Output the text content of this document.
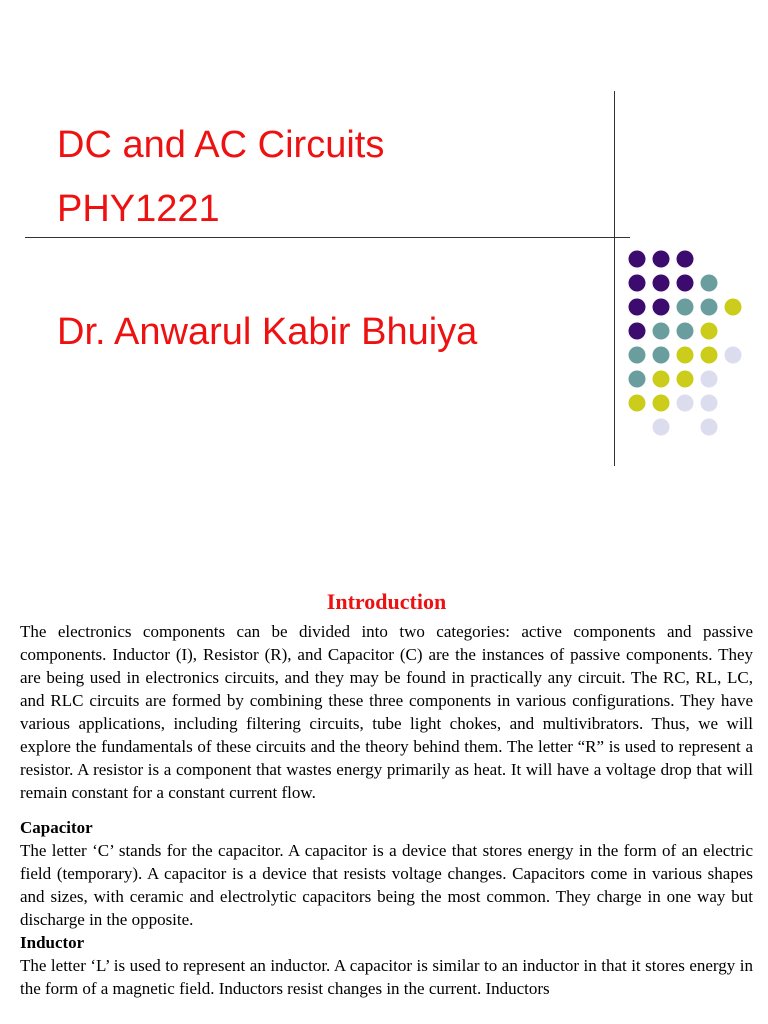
DC and AC Circuits
PHY1221
Dr. Anwarul Kabir Bhuiya
Introduction

The electronics components can be divided into two categories: active components and passive components. Inductor (I), Resistor (R), and Capacitor (C) are the instances of passive components. They are being used in electronics circuits, and they may be found in practically any circuit. The RC, RL, LC, and RLC circuits are formed by combining these three components in various configurations. They have various applications, including filtering circuits, tube light chokes, and multivibrators. Thus, we will explore the fundamentals of these circuits and the theory behind them. The letter “R” is used to represent a resistor. A resistor is a component that wastes energy primarily as heat. It will have a voltage drop that will remain constant for a constant current flow.

Capacitor

The letter ‘C’ stands for the capacitor. A capacitor is a device that stores energy in the form of an electric field (temporary). A capacitor is a device that resists voltage changes. Capacitors come in various shapes and sizes, with ceramic and electrolytic capacitors being the most common. They charge in one way but discharge in the opposite.

Inductor

The letter ‘L’ is used to represent an inductor. A capacitor is similar to an inductor in that it stores energy in the form of a magnetic field. Inductors resist changes in the current. Inductors
